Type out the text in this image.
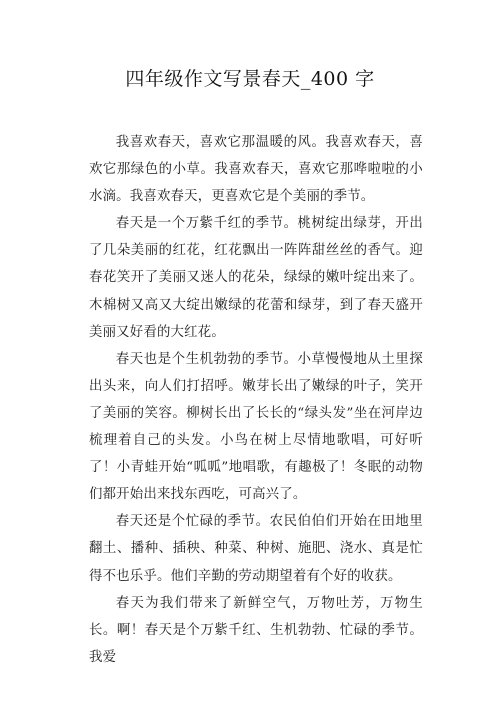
四年级作文写景春天_400 字

我喜欢春天，喜欢它那温暖的风。我喜欢春天，喜欢它那绿色的小草。我喜欢春天，喜欢它那哗啦啦的小水滴。我喜欢春天，更喜欢它是个美丽的季节。

春天是一个万紫千红的季节。桃树绽出绿芽，开出了几朵美丽的红花，红花飘出一阵阵甜丝丝的香气。迎春花笑开了美丽又迷人的花朵，绿绿的嫩叶绽出来了。木棉树又高又大绽出嫩绿的花蕾和绿芽，到了春天盛开美丽又好看的大红花。

春天也是个生机勃勃的季节。小草慢慢地从土里探出头来，向人们打招呼。嫩芽长出了嫩绿的叶子，笑开了美丽的笑容。柳树长出了长长的“绿头发”坐在河岸边梳理着自己的头发。小鸟在树上尽情地歌唱，可好听了！小青蛙开始“呱呱”地唱歌，有趣极了！冬眠的动物们都开始出来找东西吃，可高兴了。

春天还是个忙碌的季节。农民伯伯们开始在田地里翻土、播种、插秧、种菜、种树、施肥、浇水、真是忙得不也乐乎。他们辛勤的劳动期望着有个好的收获。

春天为我们带来了新鲜空气，万物吐芳，万物生长。啊！春天是个万紫千红、生机勃勃、忙碌的季节。我爱
